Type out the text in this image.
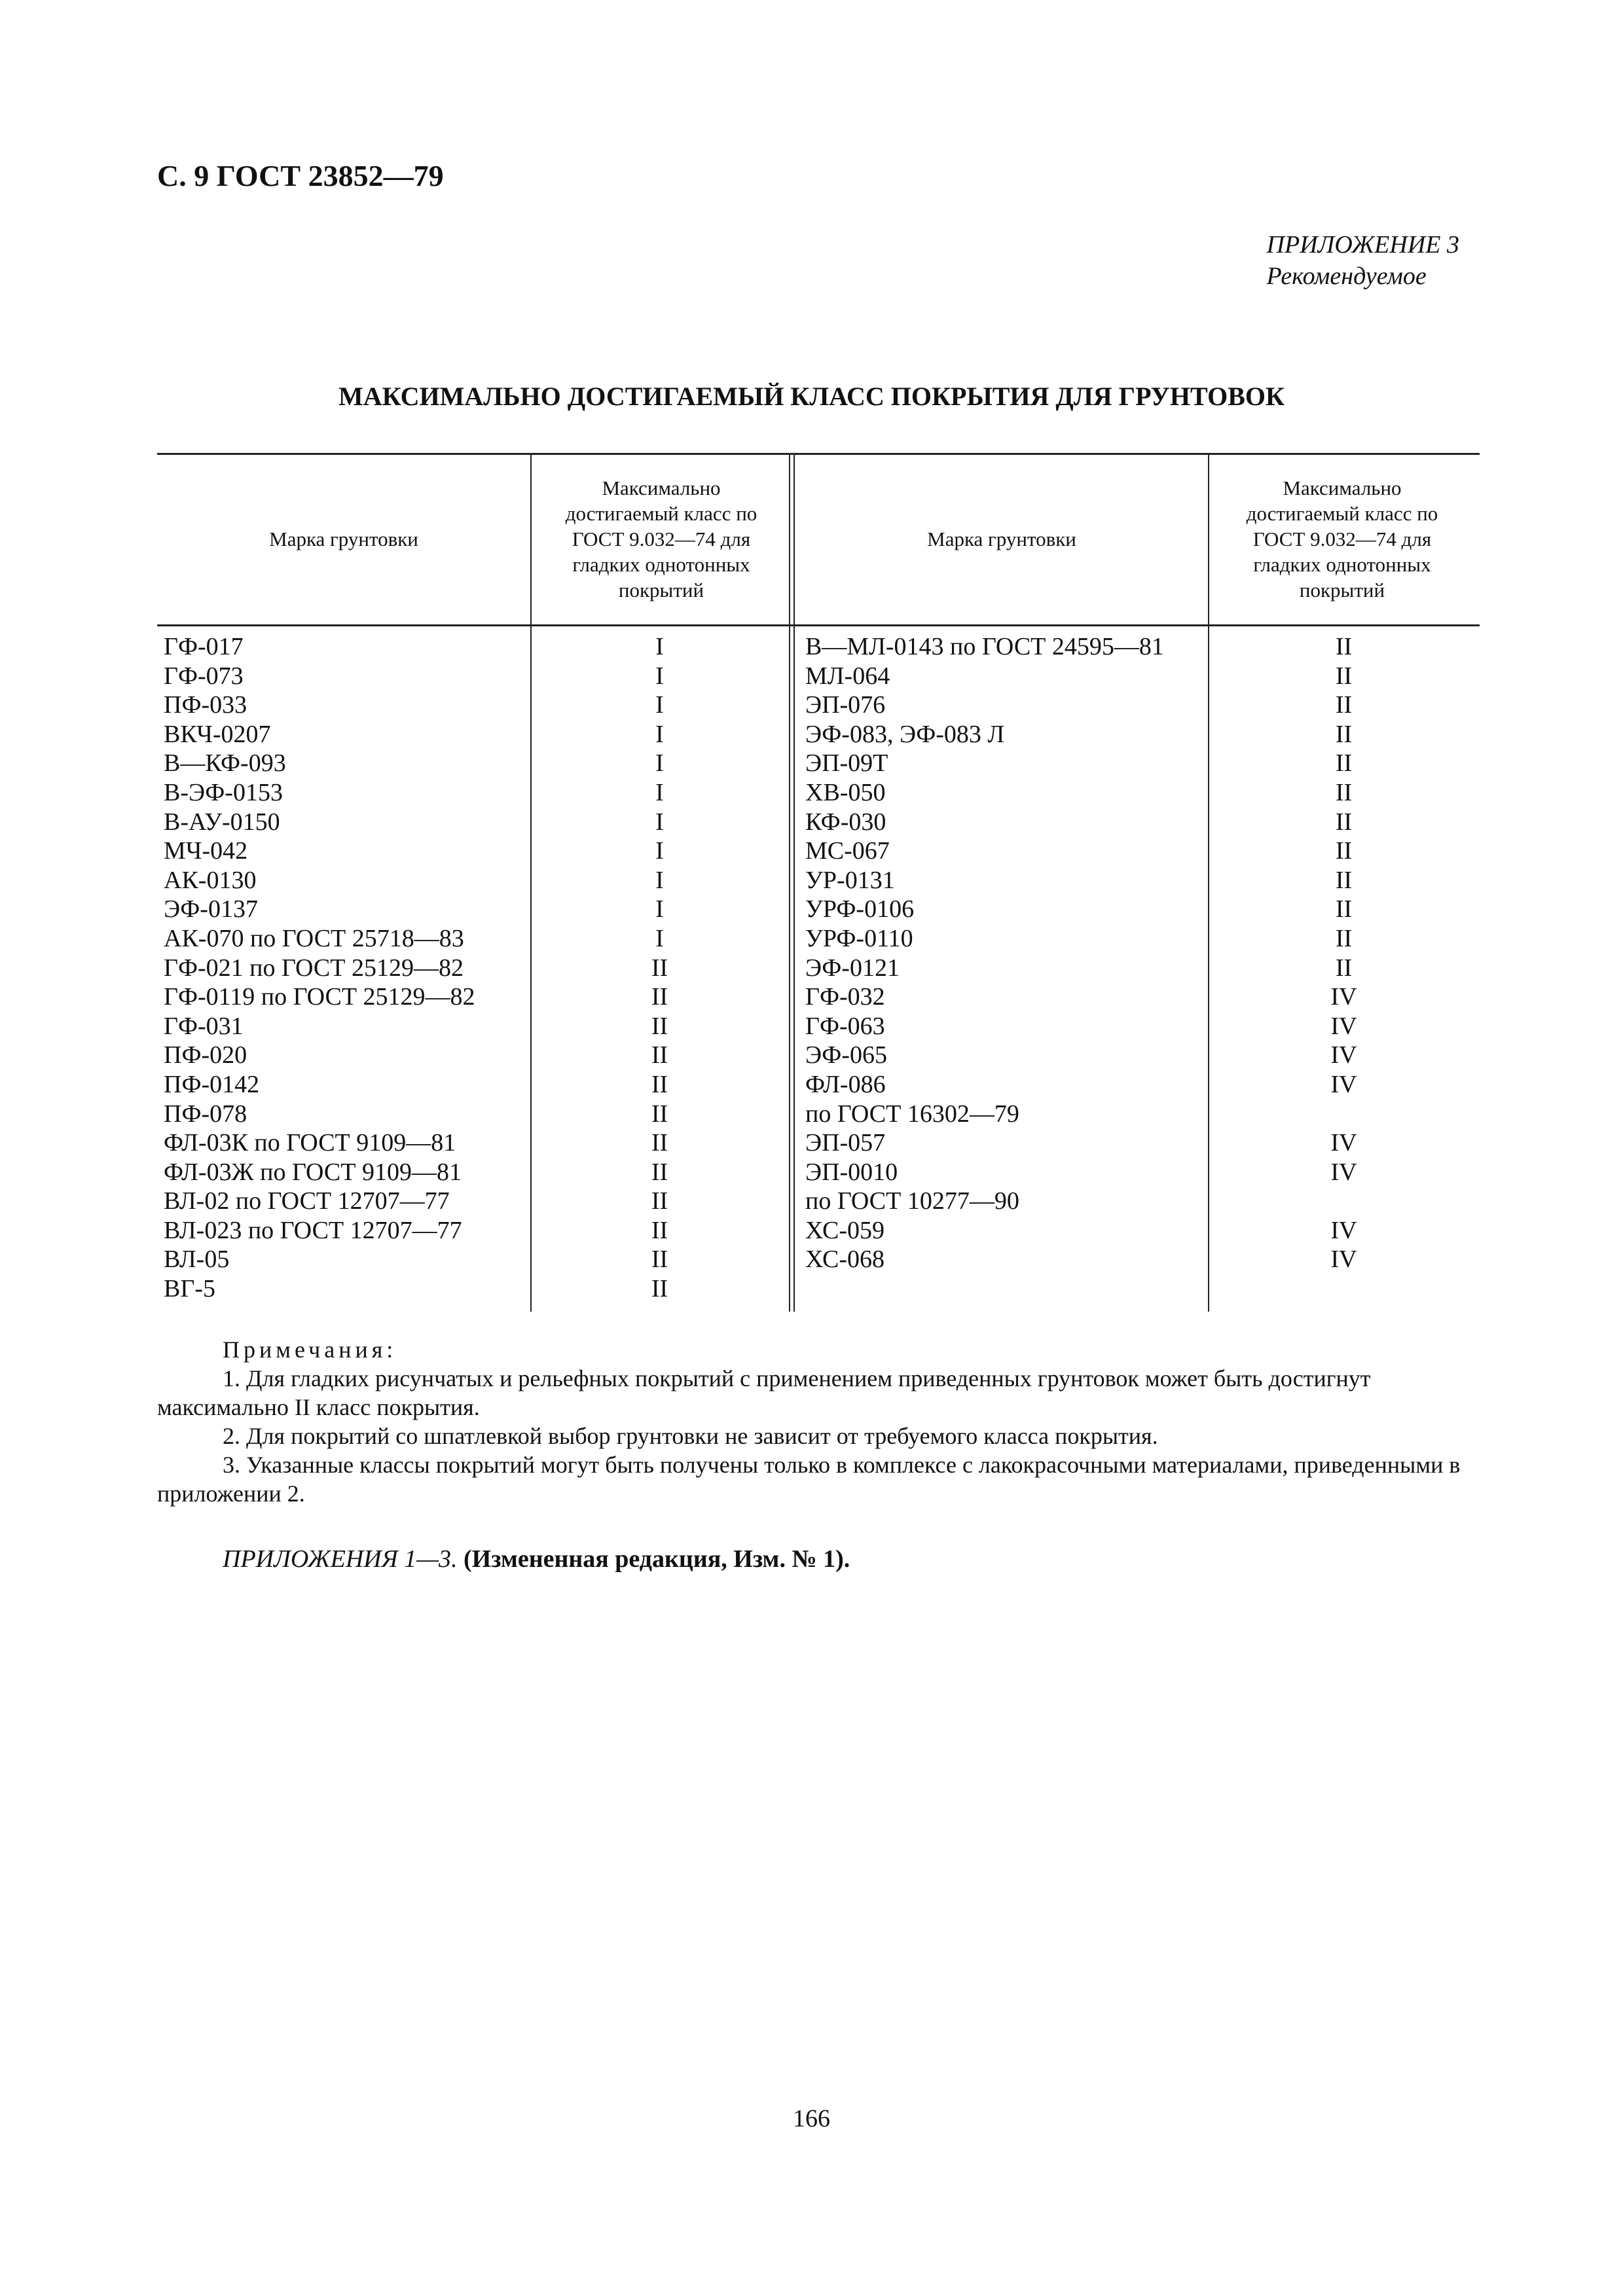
С. 9 ГОСТ 23852—79
ПРИЛОЖЕНИЕ 3
Рекомендуемое
МАКСИМАЛЬНО ДОСТИГАЕМЫЙ КЛАСС ПОКРЫТИЯ ДЛЯ ГРУНТОВОК
Марка грунтовки
Максимально достигаемый класс по ГОСТ 9.032—74 для гладких однотонных покрытий
Марка грунтовки
Максимально достигаемый класс по ГОСТ 9.032—74 для гладких однотонных покрытий
ГФ-017
ГФ-073
ПФ-033
ВКЧ-0207
В—КФ-093
В-ЭФ-0153
В-АУ-0150
МЧ-042
АК-0130
ЭФ-0137
АК-070 по ГОСТ 25718—83
ГФ-021 по ГОСТ 25129—82
ГФ-0119 по ГОСТ 25129—82
ГФ-031
ПФ-020
ПФ-0142
ПФ-078
ФЛ-03К по ГОСТ 9109—81
ФЛ-03Ж по ГОСТ 9109—81
ВЛ-02 по ГОСТ 12707—77
ВЛ-023 по ГОСТ 12707—77
ВЛ-05
ВГ-5
I
I
I
I
I
I
I
I
I
I
I
II
II
II
II
II
II
II
II
II
II
II
II
В—МЛ-0143 по ГОСТ 24595—81
МЛ-064
ЭП-076
ЭФ-083, ЭФ-083 Л
ЭП-09Т
ХВ-050
КФ-030
МС-067
УР-0131
УРФ-0106
УРФ-0110
ЭФ-0121
ГФ-032
ГФ-063
ЭФ-065
ФЛ-086
по ГОСТ 16302—79
ЭП-057
ЭП-0010
по ГОСТ 10277—90
ХС-059
ХС-068
II
II
II
II
II
II
II
II
II
II
II
II
IV
IV
IV
IV
IV
IV
IV
IV

Примечания:

1. Для гладких рисунчатых и рельефных покрытий с применением приведенных грунтовок может быть достигнут максимально II класс покрытия.

2. Для покрытий со шпатлевкой выбор грунтовки не зависит от требуемого класса покрытия.

3. Указанные классы покрытий могут быть получены только в комплексе с лакокрасочными материалами, приведенными в приложении 2.

ПРИЛОЖЕНИЯ 1—3. (Измененная редакция, Изм. № 1).
166
